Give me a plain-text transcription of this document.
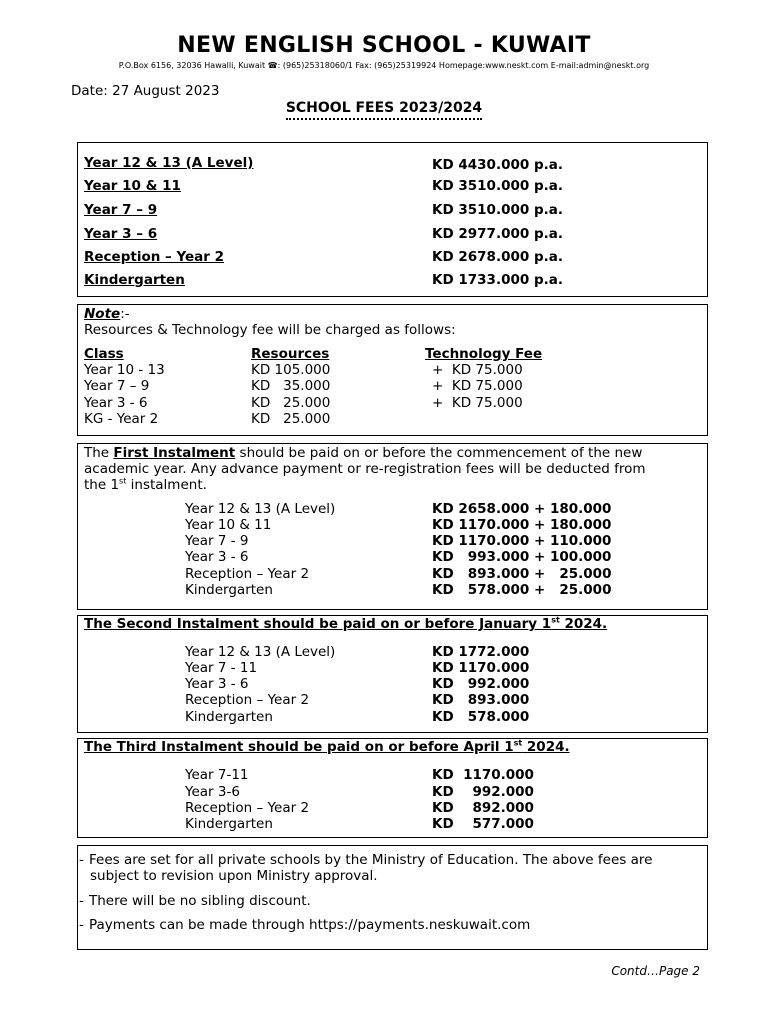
NEW ENGLISH SCHOOL - KUWAIT
P.O.Box 6156, 32036 Hawalli, Kuwait ☎: (965)25318060/1 Fax: (965)25319924 Homepage:www.neskt.com E-mail:admin@neskt.org
Date: 27 August 2023
SCHOOL FEES 2023/2024
Year 12 & 13 (A Level)	KD 4430.000 p.a.
Year 10 & 11	KD 3510.000 p.a.
Year 7 – 9	KD 3510.000 p.a.
Year 3 – 6	KD 2977.000 p.a.
Reception – Year 2	KD 2678.000 p.a.
Kindergarten	KD 1733.000 p.a.
Note:-
Resources & Technology fee will be charged as follows:
Class	Resources	Technology Fee
Year 10 - 13	KD 105.000	+  KD 75.000
Year 7 – 9	KD   35.000	+  KD 75.000
Year 3 - 6	KD   25.000	+  KD 75.000
KG - Year 2	KD   25.000
The First Instalment should be paid on or before the commencement of the new
academic year. Any advance payment or re-registration fees will be deducted from
the 1st instalment.
Year 12 & 13 (A Level)	KD 2658.000 + 180.000
Year 10 & 11	KD 1170.000 + 180.000
Year 7 - 9	KD 1170.000 + 110.000
Year 3 - 6	KD   993.000 + 100.000
Reception – Year 2	KD   893.000 +   25.000
Kindergarten	KD   578.000 +   25.000
The Second Instalment should be paid on or before January 1st 2024.
Year 12 & 13 (A Level)	KD 1772.000
Year 7 - 11	KD 1170.000
Year 3 - 6	KD   992.000
Reception – Year 2	KD   893.000
Kindergarten	KD   578.000
The Third Instalment should be paid on or before April 1st 2024.
Year 7-11	KD  1170.000
Year 3-6	KD    992.000
Reception – Year 2	KD    892.000
Kindergarten	KD    577.000
- Fees are set for all private schools by the Ministry of Education. The above fees are
subject to revision upon Ministry approval.
- There will be no sibling discount.
- Payments can be made through https://payments.neskuwait.com
Contd…Page 2
